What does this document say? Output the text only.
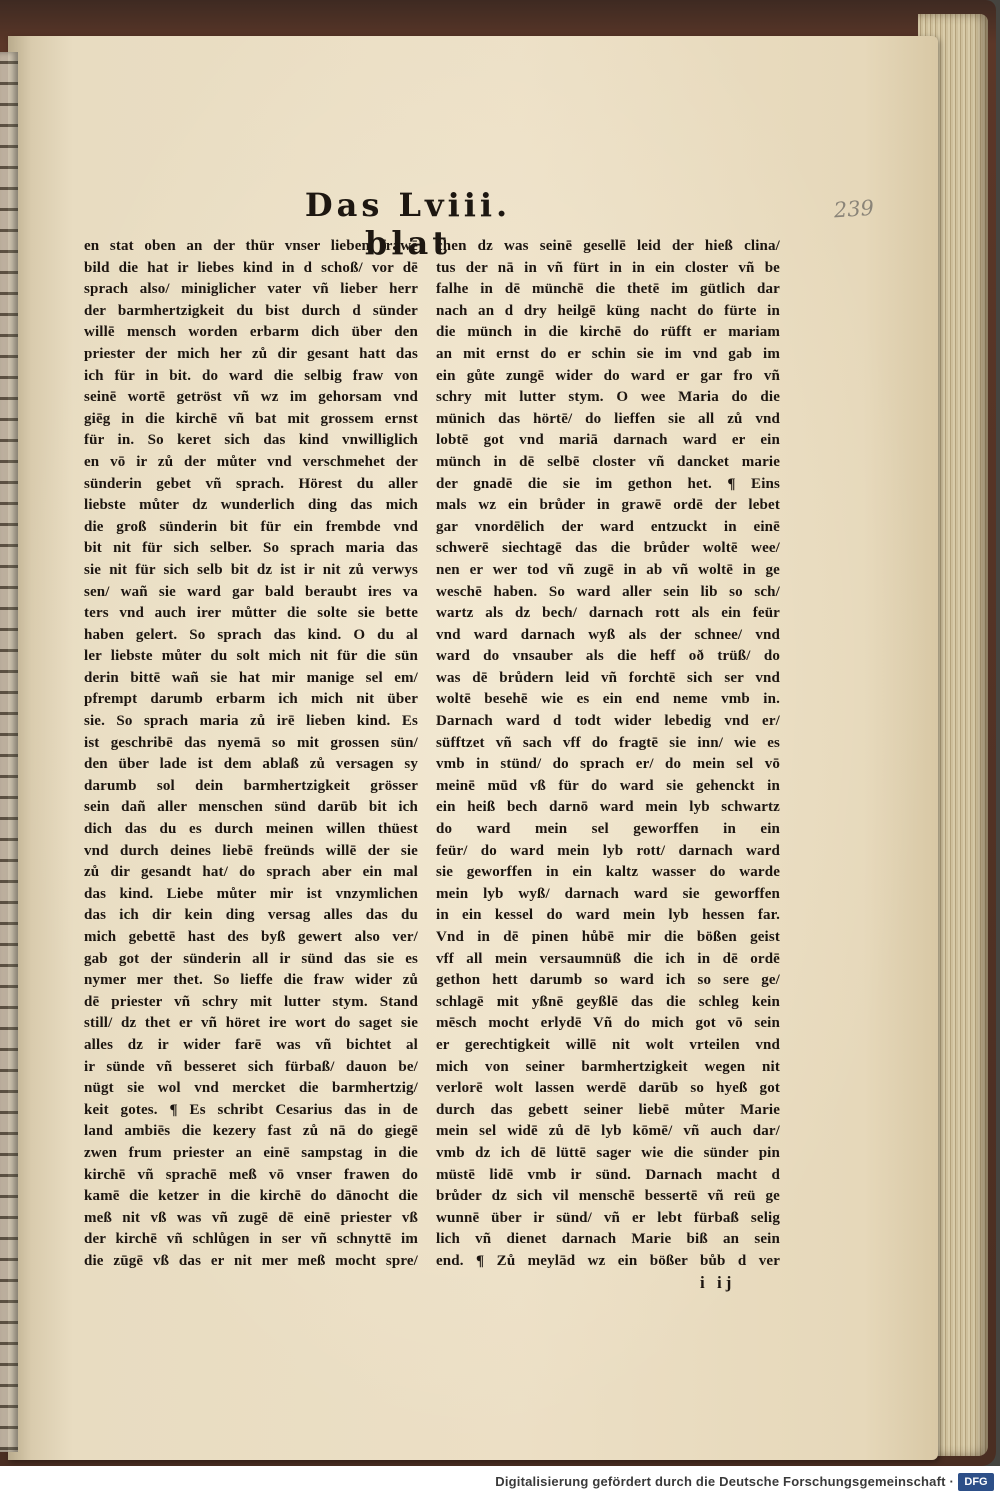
Das Lviii. blat
239
en stat oben an der thür vnser lieben frawē
bild die hat ir liebes kind in d schoß/ vor dē
sprach also/ miniglicher vater vñ lieber herr
der barmhertzigkeit du bist durch d sünder
willē mensch worden erbarm dich über den
priester der mich her zů dir gesant hatt das
ich für in bit. do ward die selbig fraw von
seinē wortē getröst vñ wz im gehorsam vnd
giēg in die kirchē vñ bat mit grossem ernst
für in. So keret sich das kind vnwilliglich
en vō ir zů der můter vnd verschmehet der
sünderin gebet vñ sprach. Hörest du aller
liebste můter dz wunderlich ding das mich
die groß sünderin bit für ein frembde vnd
bit nit für sich selber. So sprach maria das
sie nit für sich selb bit dz ist ir nit zů verwys
sen/ wañ sie ward gar bald beraubt ires va
ters vnd auch irer můtter die solte sie bette
haben gelert. So sprach das kind. O du al
ler liebste můter du solt mich nit für die sün
derin bittē wañ sie hat mir manige sel em/
pfrempt darumb erbarm ich mich nit über
sie. So sprach maria zů irē lieben kind. Es
ist geschribē das nyemā so mit grossen sün/
den über lade ist dem ablaß zů versagen sy
darumb sol dein barmhertzigkeit grösser
sein dañ aller menschen sünd darūb bit ich
dich das du es durch meinen willen thüest
vnd durch deines liebē freünds willē der sie
zů dir gesandt hat/ do sprach aber ein mal
das kind. Liebe můter mir ist vnzymlichen
das ich dir kein ding versag alles das du
mich gebettē hast des byß gewert also ver/
gab got der sünderin all ir sünd das sie es
nymer mer thet. So lieffe die fraw wider zů
dē priester vñ schry mit lutter stym. Stand
still/ dz thet er vñ höret ire wort do saget sie
alles dz ir wider farē was vñ bichtet al
ir sünde vñ besseret sich fürbaß/ dauon be/
nügt sie wol vnd mercket die barmhertzig/
keit gotes. ¶ Es schribt Cesarius das in de
land ambiēs die kezery fast zů nā do giegē
zwen frum priester an einē sampstag in die
kirchē vñ sprachē meß vō vnser frawen do
kamē die ketzer in die kirchē do dānocht die
meß nit vß was vñ zugē dē einē priester vß
der kirchē vñ schlůgen in ser vñ schnyttē im
die zūgē vß das er nit mer meß mocht spre/
chen dz was seinē gesellē leid der hieß clina/
tus der nā in vñ fürt in in ein closter vñ be
falhe in dē münchē die thetē im gütlich dar
nach an d dry heilgē küng nacht do fürte in
die münch in die kirchē do rüfft er mariam
an mit ernst do er schin sie im vnd gab im
ein gůte zungē wider do ward er gar fro vñ
schry mit lutter stym. O wee Maria do die
münich das hörtē/ do lieffen sie all zů vnd
lobtē got vnd mariā darnach ward er ein
münch in dē selbē closter vñ dancket marie
der gnadē die sie im gethon het. ¶ Eins
mals wz ein brůder in grawē ordē der lebet
gar vnordēlich der ward entzuckt in einē
schwerē siechtagē das die brůder woltē wee/
nen er wer tod vñ zugē in ab vñ woltē in ge
weschē haben. So ward aller sein lib so sch/
wartz als dz bech/ darnach rott als ein feür
vnd ward darnach wyß als der schnee/ vnd
ward do vnsauber als die heff oð trüß/ do
was dē brůdern leid vñ forchtē sich ser vnd
woltē besehē wie es ein end neme vmb in.
Darnach ward d todt wider lebedig vnd er/
süfftzet vñ sach vff do fragtē sie inn/ wie es
vmb in stünd/ do sprach er/ do mein sel vō
meinē mūd vß für do ward sie gehenckt in
ein heiß bech darnō ward mein lyb schwartz
do ward mein sel geworffen in ein
feür/ do ward mein lyb rott/ darnach ward
sie geworffen in ein kaltz wasser do warde
mein lyb wyß/ darnach ward sie geworffen
in ein kessel do ward mein lyb hessen far.
Vnd in dē pinen hůbē mir die bößen geist
vff all mein versaumnüß die ich in dē ordē
gethon hett darumb so ward ich so sere ge/
schlagē mit yßnē geyßlē das die schleg kein
mēsch mocht erlydē Vñ do mich got vō sein
er gerechtigkeit willē nit wolt vrteilen vnd
mich von seiner barmhertzigkeit wegen nit
verlorē wolt lassen werdē darūb so hyeß got
durch das gebett seiner liebē můter Marie
mein sel widē zů dē lyb kōmē/ vñ auch dar/
vmb dz ich dē lüttē sager wie die sünder pin
müstē lidē vmb ir sünd. Darnach macht d
brůder dz sich vil menschē bessertē vñ reü ge
wunnē über ir sünd/ vñ er lebt fürbaß selig
lich vñ dienet darnach Marie biß an sein
end. ¶ Zů meylād wz ein bößer bůb d ver
i ij
Digitalisierung gefördert durch die Deutsche Forschungsgemeinschaft · DFG
